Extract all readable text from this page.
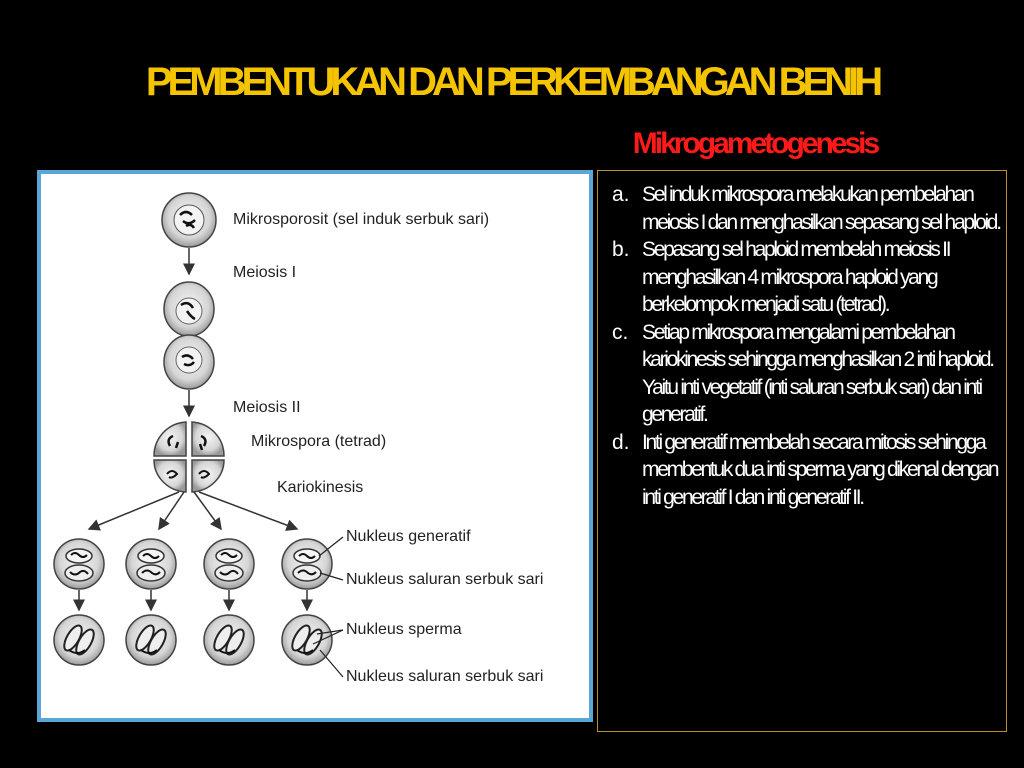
PEMBENTUKAN DAN PERKEMBANGAN BENIH
Mikrogametogenesis
Mikrosporosit (sel induk serbuk sari)
Meiosis I
Meiosis II
Mikrospora (tetrad)
Kariokinesis
Nukleus generatif
Nukleus saluran serbuk sari
Nukleus sperma
Nukleus saluran serbuk sari
a. Sel induk mikrospora melakukan pembelahan meiosis I dan menghasilkan sepasang sel haploid.
b. Sepasang sel haploid membelah meiosis II menghasilkan 4 mikrospora haploid yang berkelompok menjadi satu (tetrad).
c. Setiap mikrospora mengalami pembelahan kariokinesis sehingga menghasilkan 2 inti haploid. Yaitu inti vegetatif (inti saluran serbuk sari) dan inti generatif.
d. Inti generatif membelah secara mitosis sehingga membentuk dua inti sperma yang dikenal dengan inti generatif I dan inti generatif II.
